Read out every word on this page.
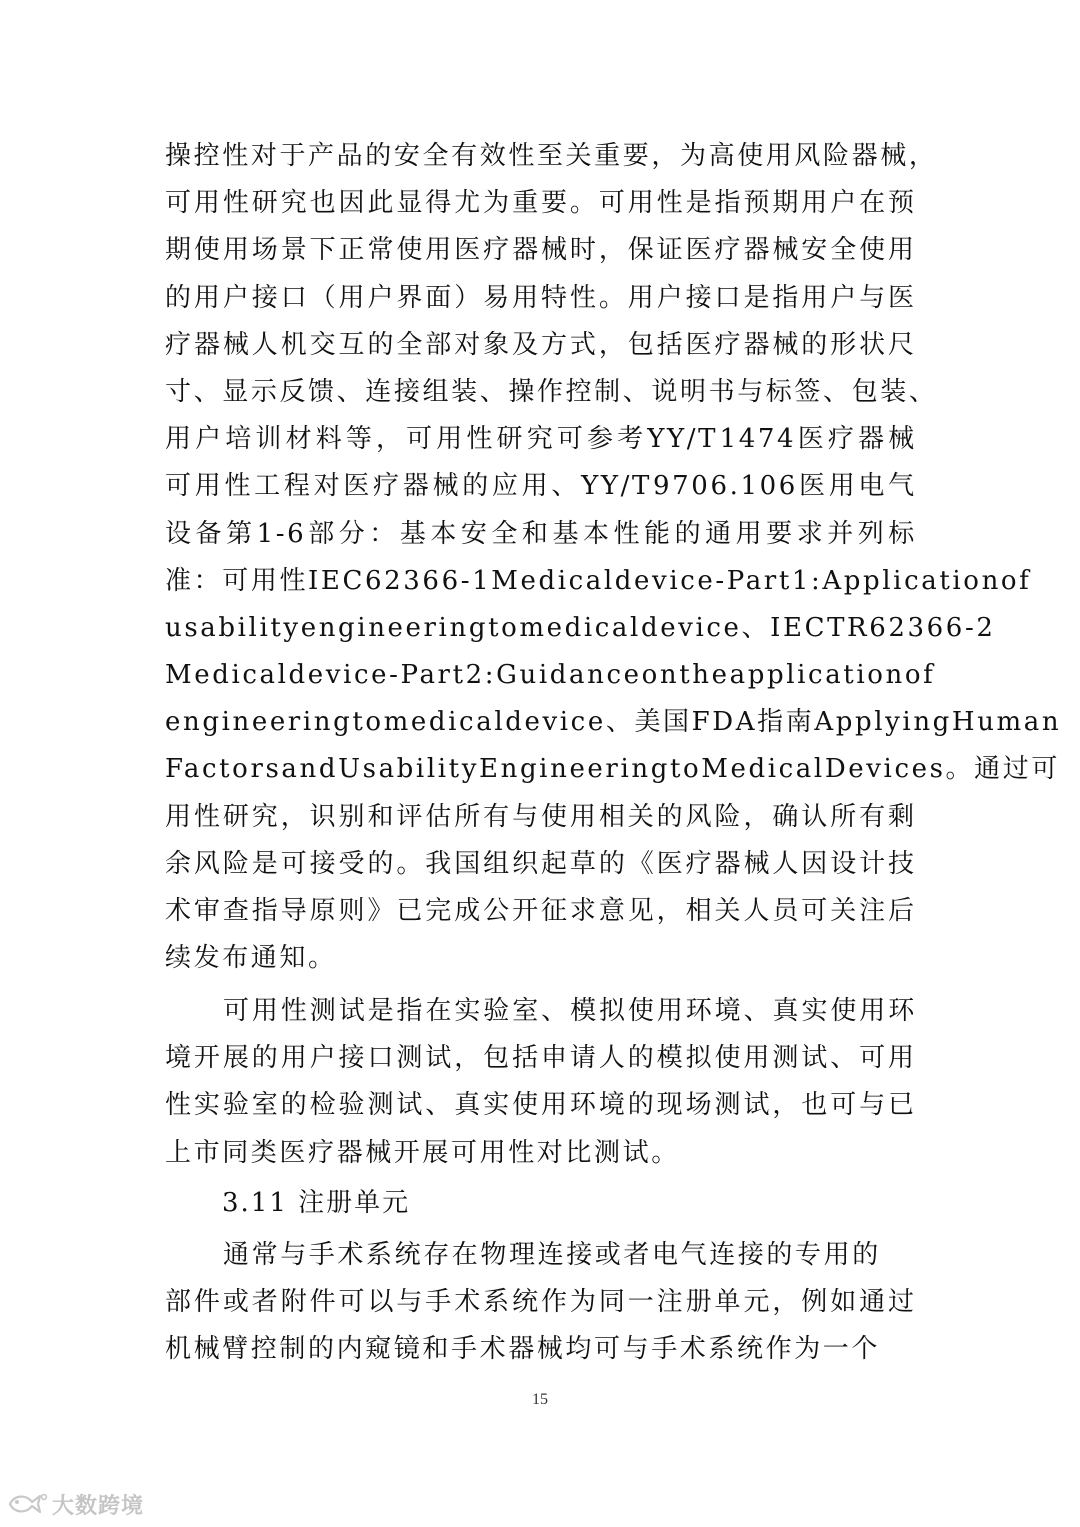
操 控 性 对 于 产 品 的 安 全 有 效 性 至 关 重 要 ， 为 高 使 用 风 险 器 械 ，
可 用 性 研 究 也 因 此 显 得 尤 为 重 要 。 可 用 性 是 指 预 期 用 户 在 预
期 使 用 场 景 下 正 常 使 用 医 疗 器 械 时 ， 保 证 医 疗 器 械 安 全 使 用
的 用 户 接 口 （ 用 户 界 面 ） 易 用 特 性 。 用 户 接 口 是 指 用 户 与 医
疗 器 械 人 机 交 互 的 全 部 对 象 及 方 式 ， 包 括 医 疗 器 械 的 形 状 尺
寸 、 显 示 反 馈 、 连 接 组 装 、 操 作 控 制 、 说 明 书 与 标 签 、 包 装 、
用 户 培 训 材 料 等 ， 可 用 性 研 究 可 参 考 YY/T 1474 医 疗 器 械
可 用 性 工 程 对 医 疗 器 械 的 应 用 、 YY/T 9706.106 医 用 电 气
设 备 第 1-6 部 分 ： 基 本 安 全 和 基 本 性 能 的 通 用 要 求 并 列 标
准 ： 可 用 性 IEC 62366-1 Medical device-Part 1 :Application of
usability engineering to medical device 、 IEC TR 62366-2
Medical device-Part 2 :Guidance on the application of
engineering to medical device 、 美 国 FDA 指 南 Applying Human
Factors and Usability Engineering to Medical Devices 。 通 过 可
用 性 研 究 ， 识 别 和 评 估 所 有 与 使 用 相 关 的 风 险 ， 确 认 所 有 剩
余 风 险 是 可 接 受 的 。 我 国 组 织 起 草 的 《 医 疗 器 械 人 因 设 计 技
术 审 查 指 导 原 则 》 已 完 成 公 开 征 求 意 见 ， 相 关 人 员 可 关 注 后
续发布通知。
可 用 性 测 试 是 指 在 实 验 室 、 模 拟 使 用 环 境 、 真 实 使 用 环
境 开 展 的 用 户 接 口 测 试 ， 包 括 申 请 人 的 模 拟 使 用 测 试 、 可 用
性 实 验 室 的 检 验 测 试 、 真 实 使 用 环 境 的 现 场 测 试 ， 也 可 与 已
上市同类医疗器械开展可用性对比测试。
3.11 注册单元
通常与手术系统存在物理连接或者电气连接的专用的
部 件 或 者 附 件 可 以 与 手 术 系 统 作 为 同 一 注 册 单 元 ， 例 如 通 过
机械臂控制的内窥镜和手术器械均可与手术系统作为一个
15
大数跨境
